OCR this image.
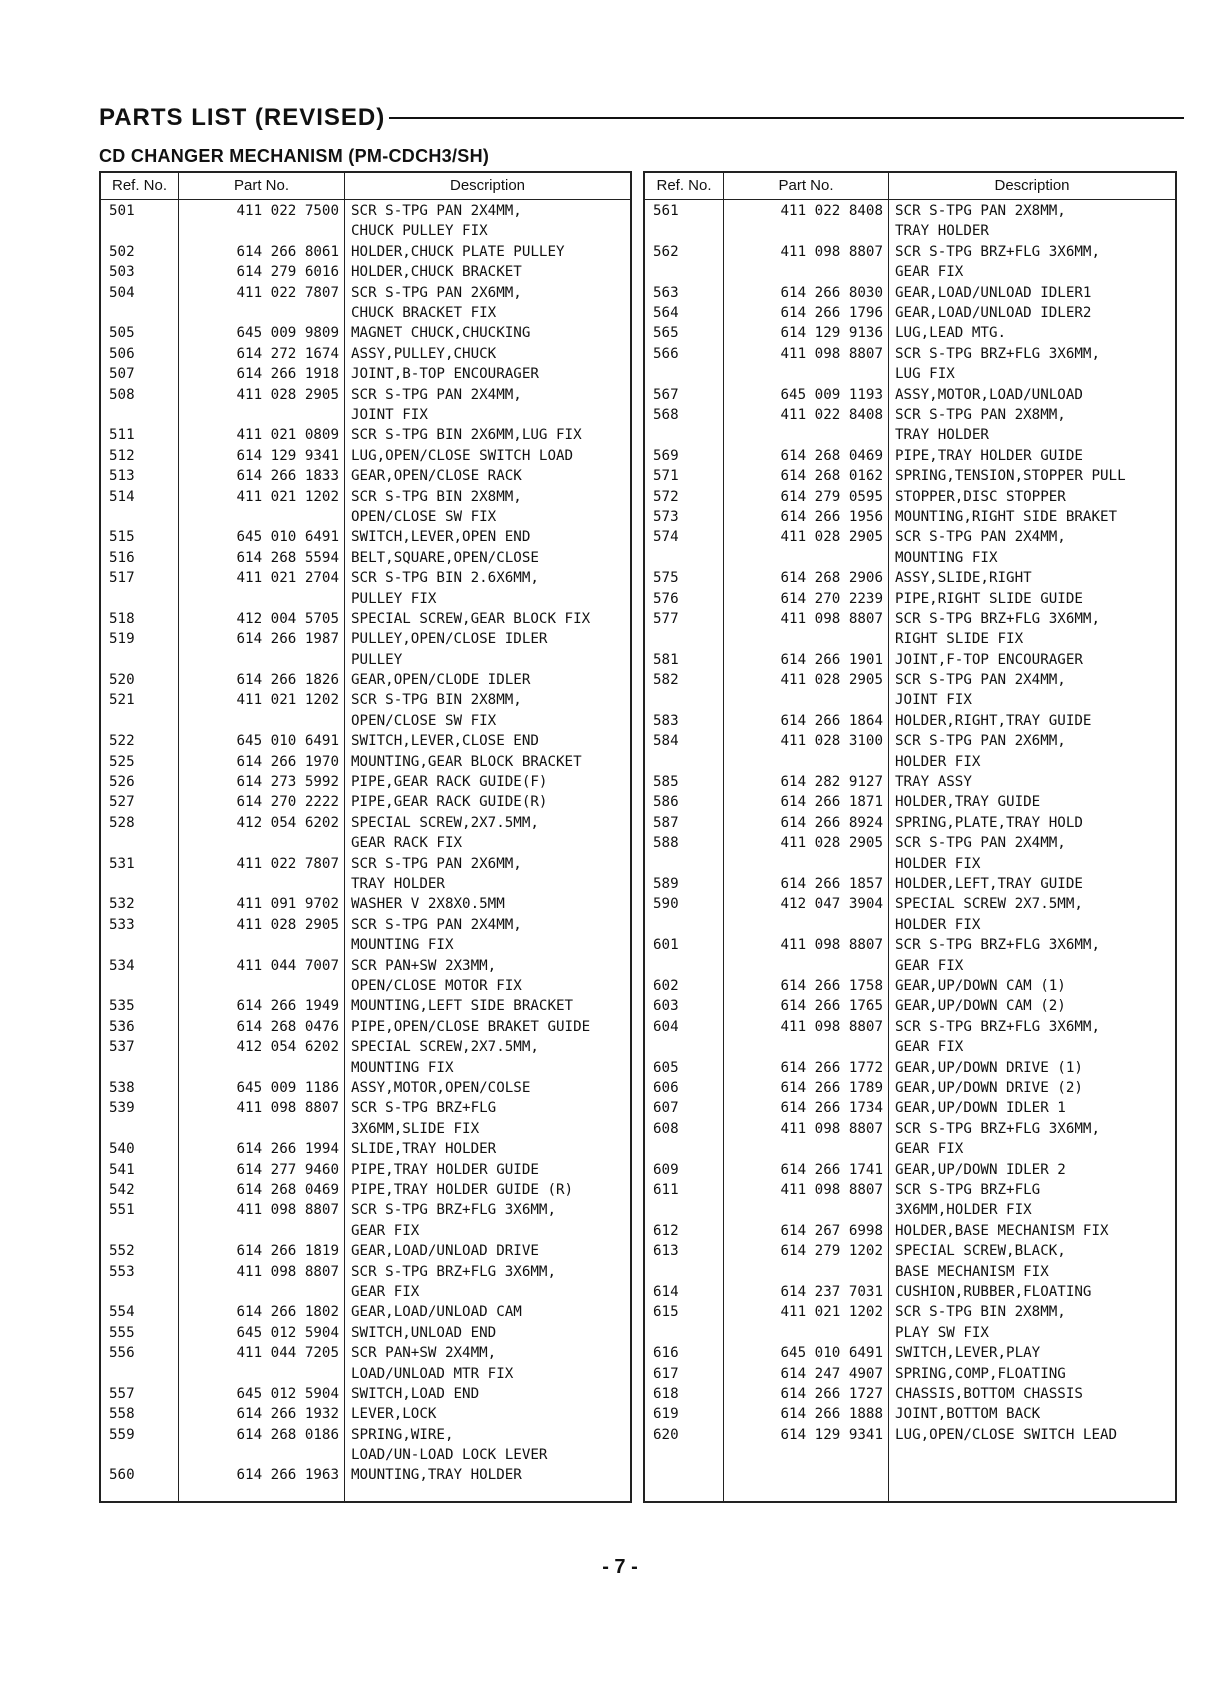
PARTS LIST (REVISED)
CD CHANGER MECHANISM (PM-CDCH3/SH)
Ref. No.	Part No.	Description
501	411 022 7500 SCR S-TPG PAN 2X4MM,
CHUCK PULLEY FIX
502	614 266 8061 HOLDER,CHUCK PLATE PULLEY
503	614 279 6016 HOLDER,CHUCK BRACKET
504	411 022 7807 SCR S-TPG PAN 2X6MM,
CHUCK BRACKET FIX
505	645 009 9809 MAGNET CHUCK,CHUCKING
506	614 272 1674 ASSY,PULLEY,CHUCK
507	614 266 1918 JOINT,B-TOP ENCOURAGER
508	411 028 2905 SCR S-TPG PAN 2X4MM,
JOINT FIX
511	411 021 0809 SCR S-TPG BIN 2X6MM,LUG FIX
512	614 129 9341 LUG,OPEN/CLOSE SWITCH LOAD
513	614 266 1833 GEAR,OPEN/CLOSE RACK
514	411 021 1202 SCR S-TPG BIN 2X8MM,
OPEN/CLOSE SW FIX
515	645 010 6491 SWITCH,LEVER,OPEN END
516	614 268 5594 BELT,SQUARE,OPEN/CLOSE
517	411 021 2704 SCR S-TPG BIN 2.6X6MM,
PULLEY FIX
518	412 004 5705 SPECIAL SCREW,GEAR BLOCK FIX
519	614 266 1987 PULLEY,OPEN/CLOSE IDLER
PULLEY
520	614 266 1826 GEAR,OPEN/CLODE IDLER
521	411 021 1202 SCR S-TPG BIN 2X8MM,
OPEN/CLOSE SW FIX
522	645 010 6491 SWITCH,LEVER,CLOSE END
525	614 266 1970 MOUNTING,GEAR BLOCK BRACKET
526	614 273 5992 PIPE,GEAR RACK GUIDE(F)
527	614 270 2222 PIPE,GEAR RACK GUIDE(R)
528	412 054 6202 SPECIAL SCREW,2X7.5MM,
GEAR RACK FIX
531	411 022 7807 SCR S-TPG PAN 2X6MM,
TRAY HOLDER
532	411 091 9702 WASHER V 2X8X0.5MM
533	411 028 2905 SCR S-TPG PAN 2X4MM,
MOUNTING FIX
534	411 044 7007 SCR PAN+SW 2X3MM,
OPEN/CLOSE MOTOR FIX
535	614 266 1949 MOUNTING,LEFT SIDE BRACKET
536	614 268 0476 PIPE,OPEN/CLOSE BRAKET GUIDE
537	412 054 6202 SPECIAL SCREW,2X7.5MM,
MOUNTING FIX
538	645 009 1186 ASSY,MOTOR,OPEN/COLSE
539	411 098 8807 SCR S-TPG BRZ+FLG
3X6MM,SLIDE FIX
540	614 266 1994 SLIDE,TRAY HOLDER
541	614 277 9460 PIPE,TRAY HOLDER GUIDE
542	614 268 0469 PIPE,TRAY HOLDER GUIDE (R)
551	411 098 8807 SCR S-TPG BRZ+FLG 3X6MM,
GEAR FIX
552	614 266 1819 GEAR,LOAD/UNLOAD DRIVE
553	411 098 8807 SCR S-TPG BRZ+FLG 3X6MM,
GEAR FIX
554	614 266 1802 GEAR,LOAD/UNLOAD CAM
555	645 012 5904 SWITCH,UNLOAD END
556	411 044 7205 SCR PAN+SW 2X4MM,
LOAD/UNLOAD MTR FIX
557	645 012 5904 SWITCH,LOAD END
558	614 266 1932 LEVER,LOCK
559	614 268 0186 SPRING,WIRE,
LOAD/UN-LOAD LOCK LEVER
560	614 266 1963 MOUNTING,TRAY HOLDER
Ref. No.	Part No.	Description
561	411 022 8408 SCR S-TPG PAN 2X8MM,
TRAY HOLDER
562	411 098 8807 SCR S-TPG BRZ+FLG 3X6MM,
GEAR FIX
563	614 266 8030 GEAR,LOAD/UNLOAD IDLER1
564	614 266 1796 GEAR,LOAD/UNLOAD IDLER2
565	614 129 9136 LUG,LEAD MTG.
566	411 098 8807 SCR S-TPG BRZ+FLG 3X6MM,
LUG FIX
567	645 009 1193 ASSY,MOTOR,LOAD/UNLOAD
568	411 022 8408 SCR S-TPG PAN 2X8MM,
TRAY HOLDER
569	614 268 0469 PIPE,TRAY HOLDER GUIDE
571	614 268 0162 SPRING,TENSION,STOPPER PULL
572	614 279 0595 STOPPER,DISC STOPPER
573	614 266 1956 MOUNTING,RIGHT SIDE BRAKET
574	411 028 2905 SCR S-TPG PAN 2X4MM,
MOUNTING FIX
575	614 268 2906 ASSY,SLIDE,RIGHT
576	614 270 2239 PIPE,RIGHT SLIDE GUIDE
577	411 098 8807 SCR S-TPG BRZ+FLG 3X6MM,
RIGHT SLIDE FIX
581	614 266 1901 JOINT,F-TOP ENCOURAGER
582	411 028 2905 SCR S-TPG PAN 2X4MM,
JOINT FIX
583	614 266 1864 HOLDER,RIGHT,TRAY GUIDE
584	411 028 3100 SCR S-TPG PAN 2X6MM,
HOLDER FIX
585	614 282 9127 TRAY ASSY
586	614 266 1871 HOLDER,TRAY GUIDE
587	614 266 8924 SPRING,PLATE,TRAY HOLD
588	411 028 2905 SCR S-TPG PAN 2X4MM,
HOLDER FIX
589	614 266 1857 HOLDER,LEFT,TRAY GUIDE
590	412 047 3904 SPECIAL SCREW 2X7.5MM,
HOLDER FIX
601	411 098 8807 SCR S-TPG BRZ+FLG 3X6MM,
GEAR FIX
602	614 266 1758 GEAR,UP/DOWN CAM (1)
603	614 266 1765 GEAR,UP/DOWN CAM (2)
604	411 098 8807 SCR S-TPG BRZ+FLG 3X6MM,
GEAR FIX
605	614 266 1772 GEAR,UP/DOWN DRIVE (1)
606	614 266 1789 GEAR,UP/DOWN DRIVE (2)
607	614 266 1734 GEAR,UP/DOWN IDLER 1
608	411 098 8807 SCR S-TPG BRZ+FLG 3X6MM,
GEAR FIX
609	614 266 1741 GEAR,UP/DOWN IDLER 2
611	411 098 8807 SCR S-TPG BRZ+FLG
3X6MM,HOLDER FIX
612	614 267 6998 HOLDER,BASE MECHANISM FIX
613	614 279 1202 SPECIAL SCREW,BLACK,
BASE MECHANISM FIX
614	614 237 7031 CUSHION,RUBBER,FLOATING
615	411 021 1202 SCR S-TPG BIN 2X8MM,
PLAY SW FIX
616	645 010 6491 SWITCH,LEVER,PLAY
617	614 247 4907 SPRING,COMP,FLOATING
618	614 266 1727 CHASSIS,BOTTOM CHASSIS
619	614 266 1888 JOINT,BOTTOM BACK
620	614 129 9341 LUG,OPEN/CLOSE SWITCH LEAD
- 7 -
